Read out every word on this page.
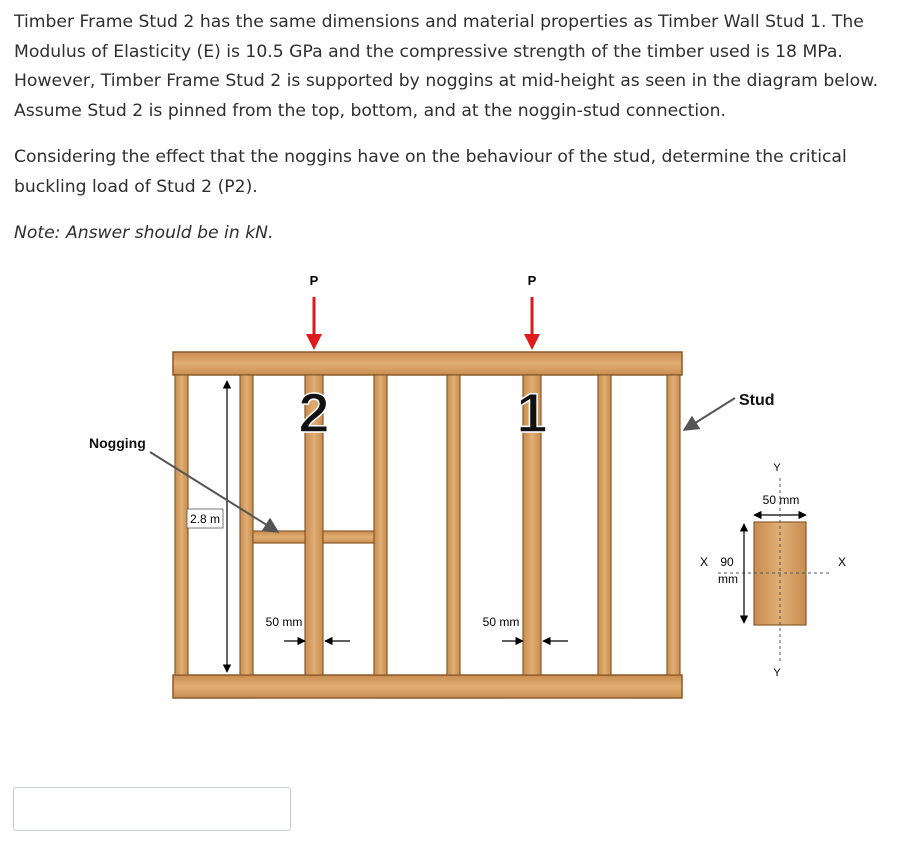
Timber Frame Stud 2 has the same dimensions and material properties as Timber Wall Stud 1. The Modulus of Elasticity (E) is 10.5 GPa and the compressive strength of the timber used is 18 MPa. However, Timber Frame Stud 2 is supported by noggins at mid-height as seen in the diagram below. Assume Stud 2 is pinned from the top, bottom, and at the noggin-stud connection.

Considering the effect that the noggins have on the behaviour of the stud, determine the critical buckling load of Stud 2 (P2).

Note: Answer should be in kN.

2.8 m
P	P
2	1
Nogging
50 mm	50 mm
Stud
Y
50 mm
X 90
mm
X
Y
